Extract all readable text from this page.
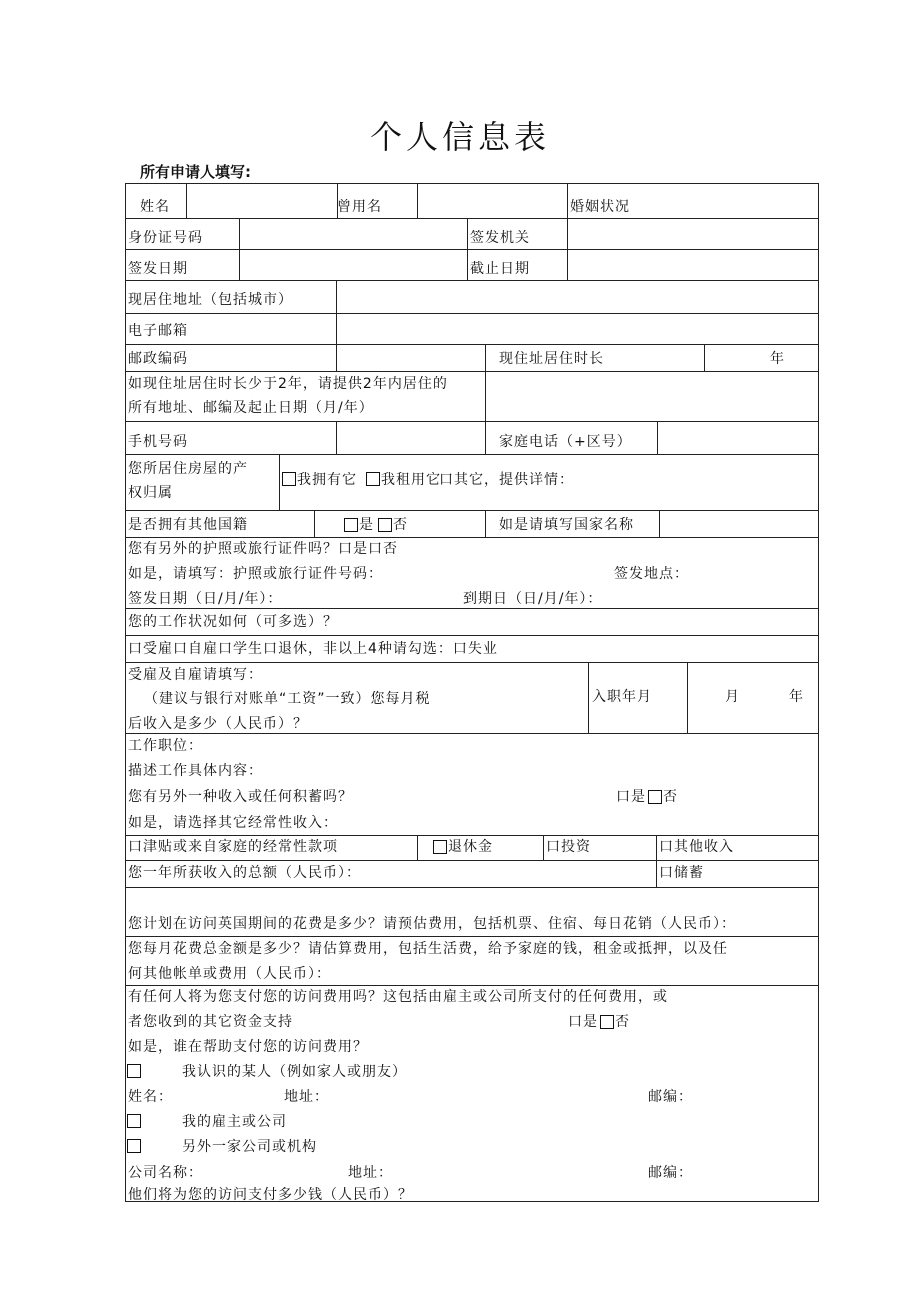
个人信息表
所有申请人填写:
姓名	曾用名	婚姻状况
身份证号码	签发机关
签发日期	截止日期
现居住地址（包括城市）
电子邮箱
邮政编码	现住址居住时长	年
如现住址居住时长少于2年，请提供2年内居住的
所有地址、邮编及起止日期（月/年）
手机号码	家庭电话（+区号）
您所居住房屋的产
权归属
我拥有它 我租用它
口其它，提供详情：
是否拥有其他国籍	是 否	如是请填写国家名称
您有另外的护照或旅行证件吗？口是口否
如是，请填写：护照或旅行证件号码：	签发地点：
签发日期（日/月/年）：	到期日（日/月/年）：
您的工作状况如何（可多选）？
口受雇口自雇口学生口退休，非以上4种请勾选：口失业
受雇及自雇请填写：
（建议与银行对账单“工资”一致）您每月税
后收入是多少（人民币）？
入职年月	月	年
工作职位：
描述工作具体内容：
您有另外一种收入或任何积蓄吗？	口是 否
如是，请选择其它经常性收入：
口津贴或来自家庭的经常性款项	退休金	口投资	口其他收入
您一年所获收入的总额（人民币）：	口储蓄
您计划在访问英国期间的花费是多少？请预估费用，包括机票、住宿、每日花销（人民币）：
您每月花费总金额是多少？请估算费用，包括生活费，给予家庭的钱，租金或抵押，以及任
何其他帐单或费用（人民币）：
有任何人将为您支付您的访问费用吗？这包括由雇主或公司所支付的任何费用，或
者您收到的其它资金支持	口是 否
如是，谁在帮助支付您的访问费用？
我认识的某人（例如家人或朋友）
姓名：	地址：	邮编：
我的雇主或公司
另外一家公司或机构
公司名称：	地址：	邮编：
他们将为您的访问支付多少钱（人民币）？
